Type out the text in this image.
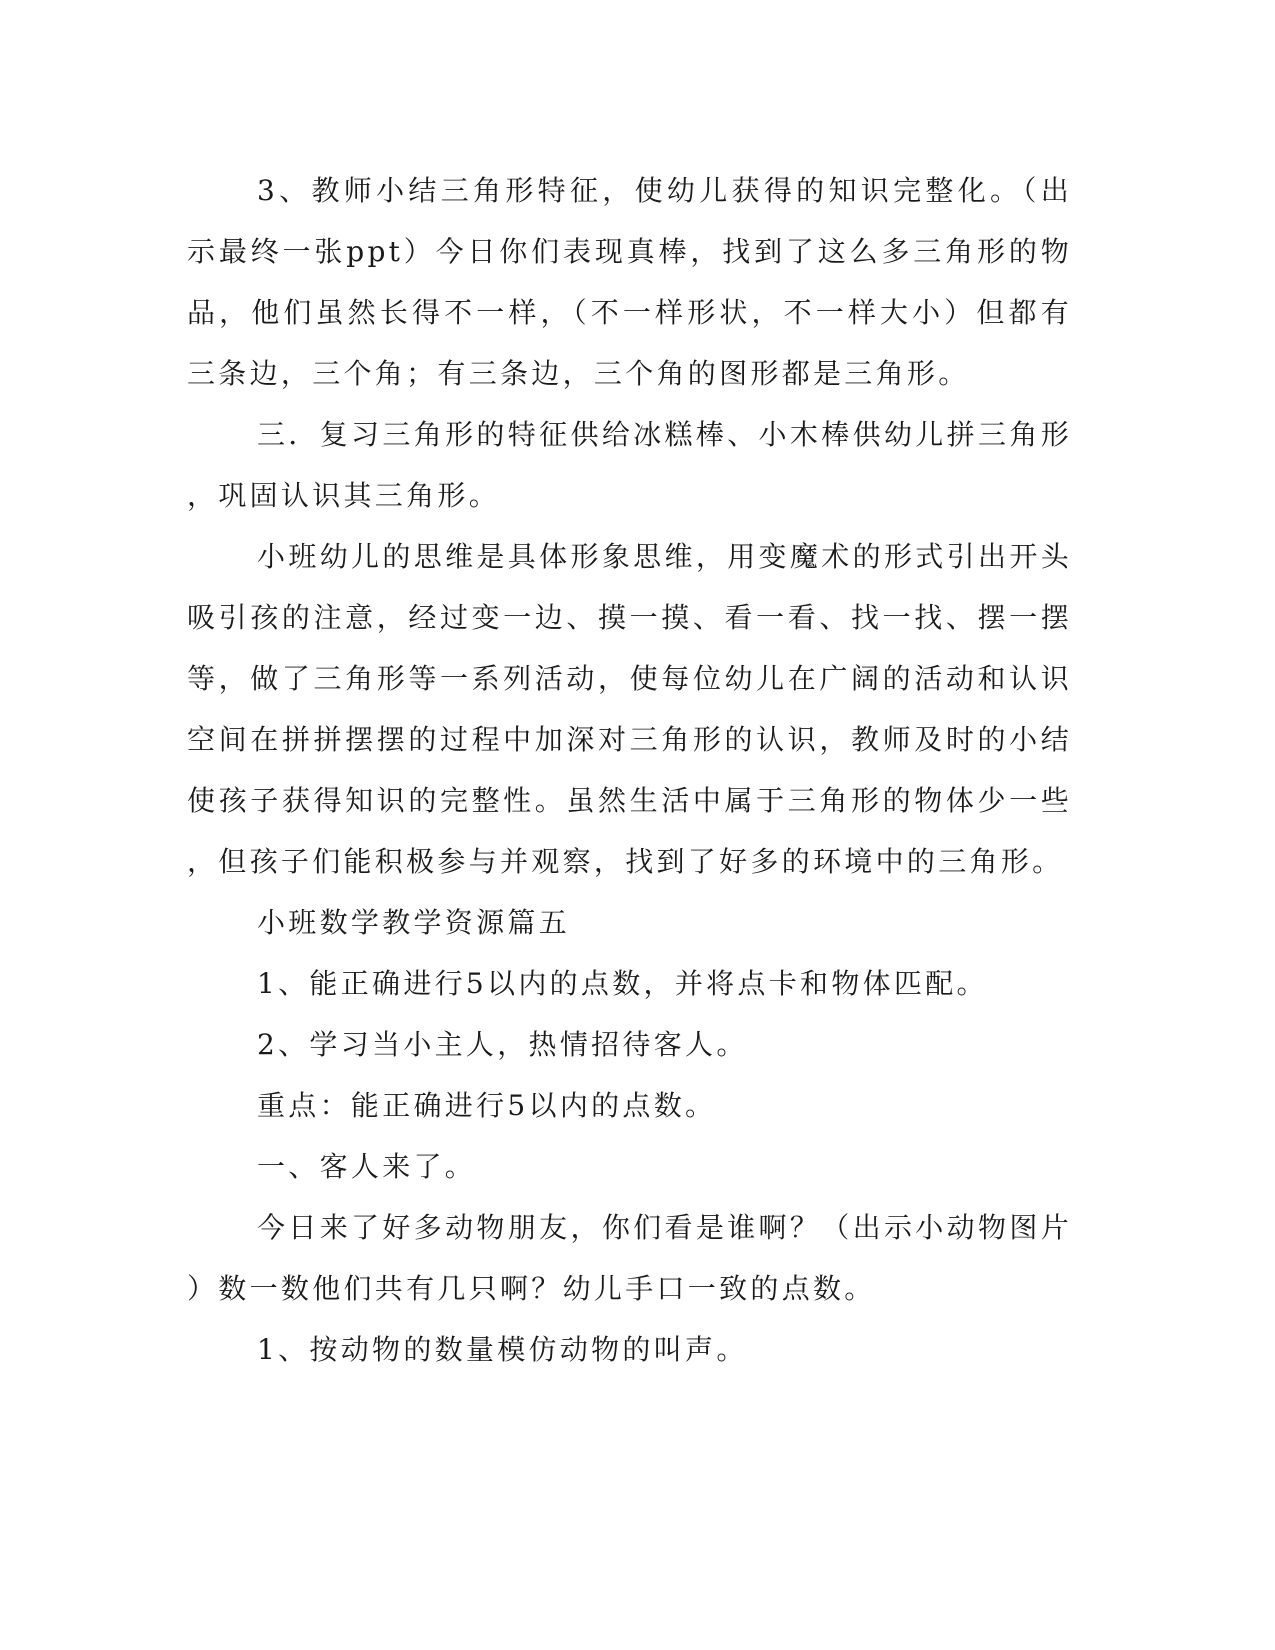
3、教师小结三角形特征，使幼儿获得的知识完整化。（出示最终一张ppt）今日你们表现真棒，找到了这么多三角形的物品，他们虽然长得不一样，（不一样形状，不一样大小）但都有三条边，三个角；有三条边，三个角的图形都是三角形。

三．复习三角形的特征供给冰糕棒、小木棒供幼儿拼三角形，巩固认识其三角形。

小班幼儿的思维是具体形象思维，用变魔术的形式引出开头吸引孩的注意，经过变一边、摸一摸、看一看、找一找、摆一摆等，做了三角形等一系列活动，使每位幼儿在广阔的活动和认识空间在拼拼摆摆的过程中加深对三角形的认识，教师及时的小结使孩子获得知识的完整性。虽然生活中属于三角形的物体少一些，但孩子们能积极参与并观察，找到了好多的环境中的三角形。

小班数学教学资源篇五

1、能正确进行5以内的点数，并将点卡和物体匹配。

2、学习当小主人，热情招待客人。

重点：能正确进行5以内的点数。

一、客人来了。

今日来了好多动物朋友，你们看是谁啊？（出示小动物图片）数一数他们共有几只啊？幼儿手口一致的点数。

1、按动物的数量模仿动物的叫声。
